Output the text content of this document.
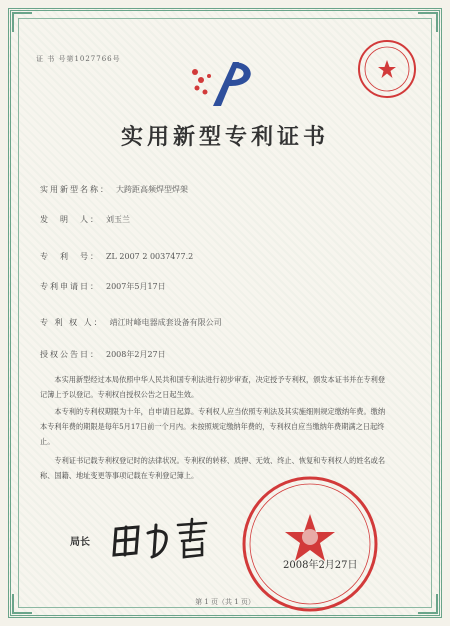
证 书 号第1027766号
实用新型专利证书
实用新型名称： 大跨距高频焊型焊架
发　明　人： 刘玉兰
专　利　号： ZL 2007 2 0037477.2
专利申请日： 2007年5月17日
专 利 权 人： 靖江时峰电器成套设备有限公司
授权公告日： 2008年2月27日
本实用新型经过本局依照中华人民共和国专利法进行初步审查，决定授予专利权，颁发本证书并在专利登记簿上予以登记。专利权自授权公告之日起生效。
本专利的专利权期限为十年，自申请日起算。专利权人应当依照专利法及其实施细则规定缴纳年费。缴纳本专利年费的期限是每年5月17日前一个月内。未按照规定缴纳年费的，专利权自应当缴纳年费期满之日起终止。
专利证书记载专利权登记时的法律状况。专利权的转移、质押、无效、终止、恢复和专利权人的姓名或名称、国籍、地址变更等事项记载在专利登记簿上。
局长
2008年2月27日
第 1 页（共 1 页）
